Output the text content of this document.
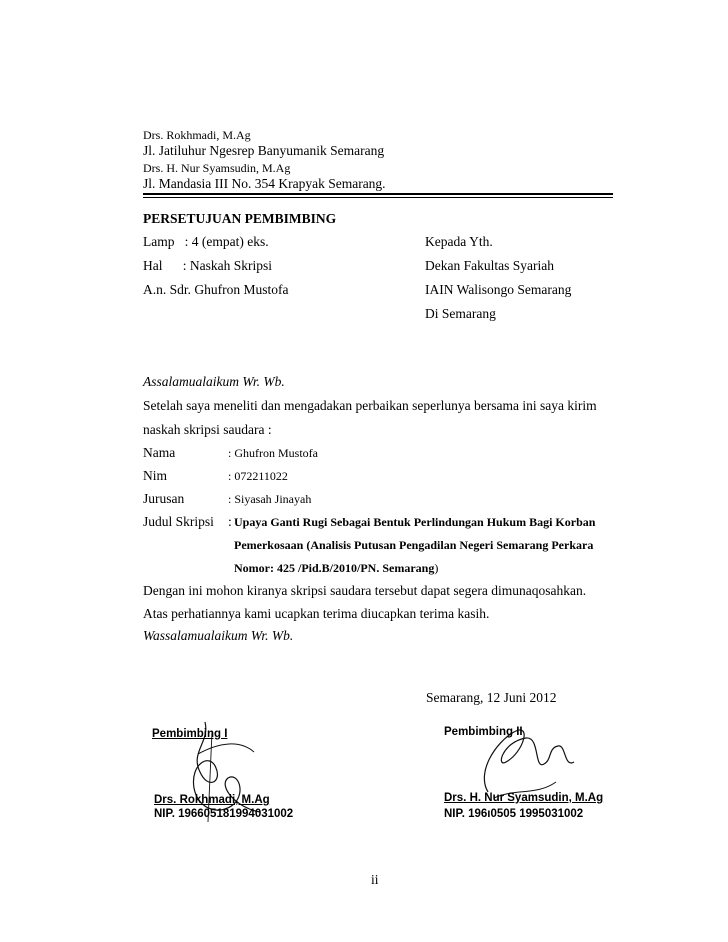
Drs. Rokhmadi, M.Ag
Jl. Jatiluhur Ngesrep Banyumanik Semarang
Drs. H. Nur Syamsudin, M.Ag
Jl. Mandasia III No. 354 Krapyak Semarang.
PERSETUJUAN PEMBIMBING
Lamp   : 4 (empat) eks.
Hal      : Naskah Skripsi
A.n. Sdr. Ghufron Mustofa
Kepada Yth.
Dekan Fakultas Syariah
IAIN Walisongo Semarang
Di Semarang
Assalamualaikum Wr. Wb.
Setelah saya meneliti dan mengadakan perbaikan seperlunya bersama ini saya kirim
naskah skripsi saudara :
Nama	: Ghufron Mustofa
Nim	: 072211022
Jurusan	: Siyasah Jinayah
Judul Skripsi : Upaya Ganti Rugi Sebagai Bentuk Perlindungan Hukum Bagi Korban
Pemerkosaan (Analisis Putusan Pengadilan Negeri Semarang Perkara
Nomor: 425 /Pid.B/2010/PN. Semarang)
Dengan ini mohon kiranya skripsi saudara tersebut dapat segera dimunaqosahkan.
Atas perhatiannya kami ucapkan terima diucapkan terima kasih.
Wassalamualaikum Wr. Wb.
Semarang, 12 Juni 2012
Pembimbing I
Drs. Rokhmadi, M.Ag
NIP. 196605181994031002
Pembimbing II
Drs. H. Nur Syamsudin, M.Ag
NIP. 196ı0505 1995031002
ii
